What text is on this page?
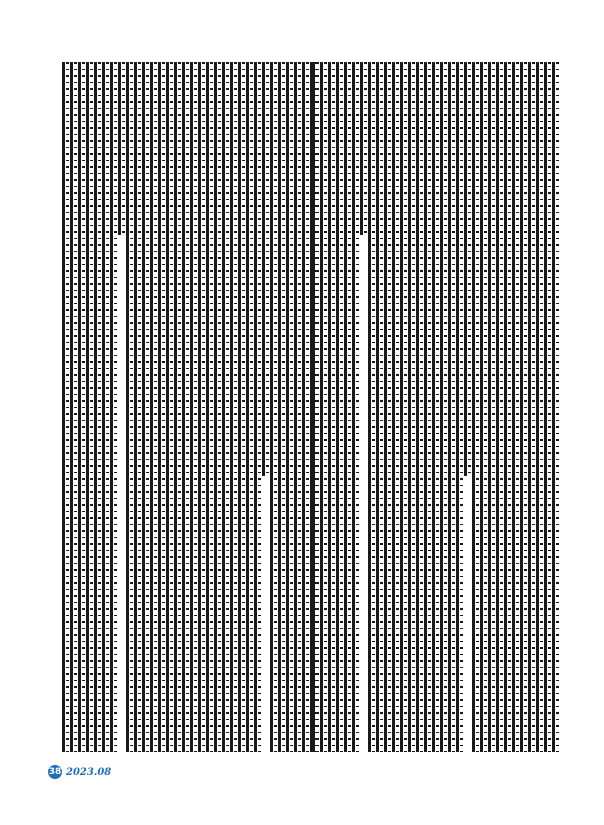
38 2023.08
